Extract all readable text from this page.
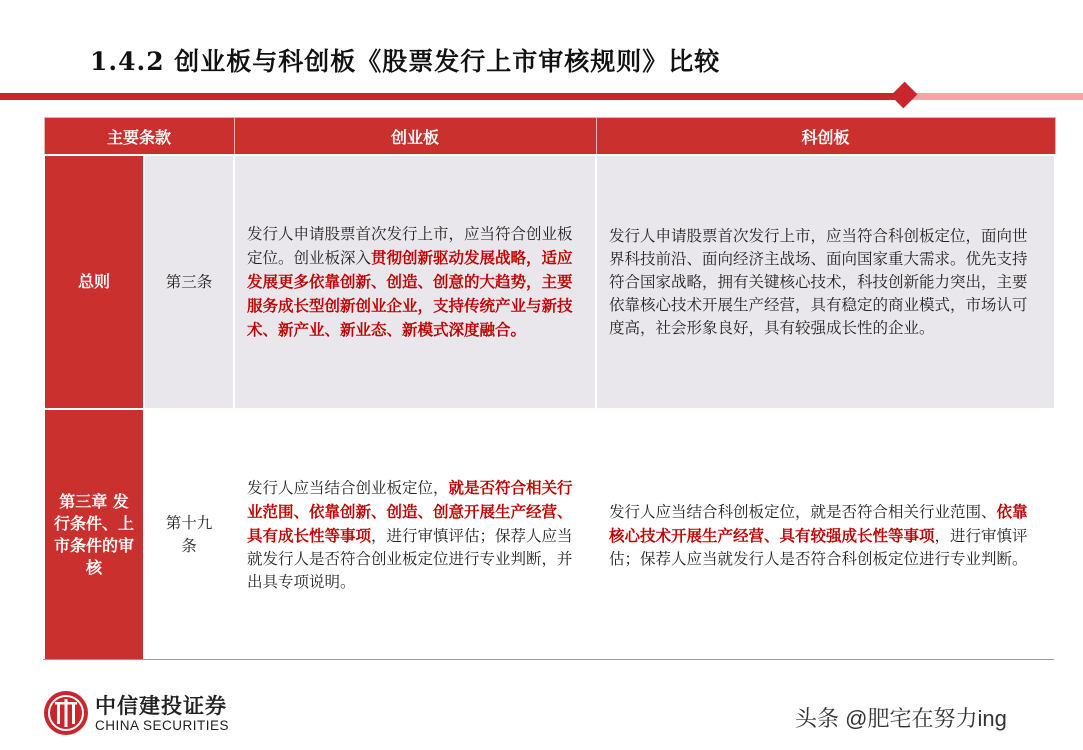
1.4.2 创业板与科创板《股票发行上市审核规则》比较
主要条款		创业板	科创板
总则	第三条	发行人申请股票首次发行上市，应当符合创业板定位。创业板深入贯彻创新驱动发展战略，适应发展更多依靠创新、创造、创意的大趋势，主要服务成长型创新创业企业，支持传统产业与新技术、新产业、新业态、新模式深度融合。	发行人申请股票首次发行上市，应当符合科创板定位，面向世界科技前沿、面向经济主战场、面向国家重大需求。优先支持符合国家战略，拥有关键核心技术，科技创新能力突出，主要依靠核心技术开展生产经营，具有稳定的商业模式，市场认可度高，社会形象良好，具有较强成长性的企业。
第三章 发行条件、上市条件的审核	第十九条	发行人应当结合创业板定位，就是否符合相关行业范围、依靠创新、创造、创意开展生产经营、具有成长性等事项，进行审慎评估；保荐人应当就发行人是否符合创业板定位进行专业判断，并出具专项说明。	发行人应当结合科创板定位，就是否符合相关行业范围、依靠核心技术开展生产经营、具有较强成长性等事项，进行审慎评估；保荐人应当就发行人是否符合科创板定位进行专业判断。
中信建投证券
CHINA SECURITIES	头条 @肥宅在努力ing
